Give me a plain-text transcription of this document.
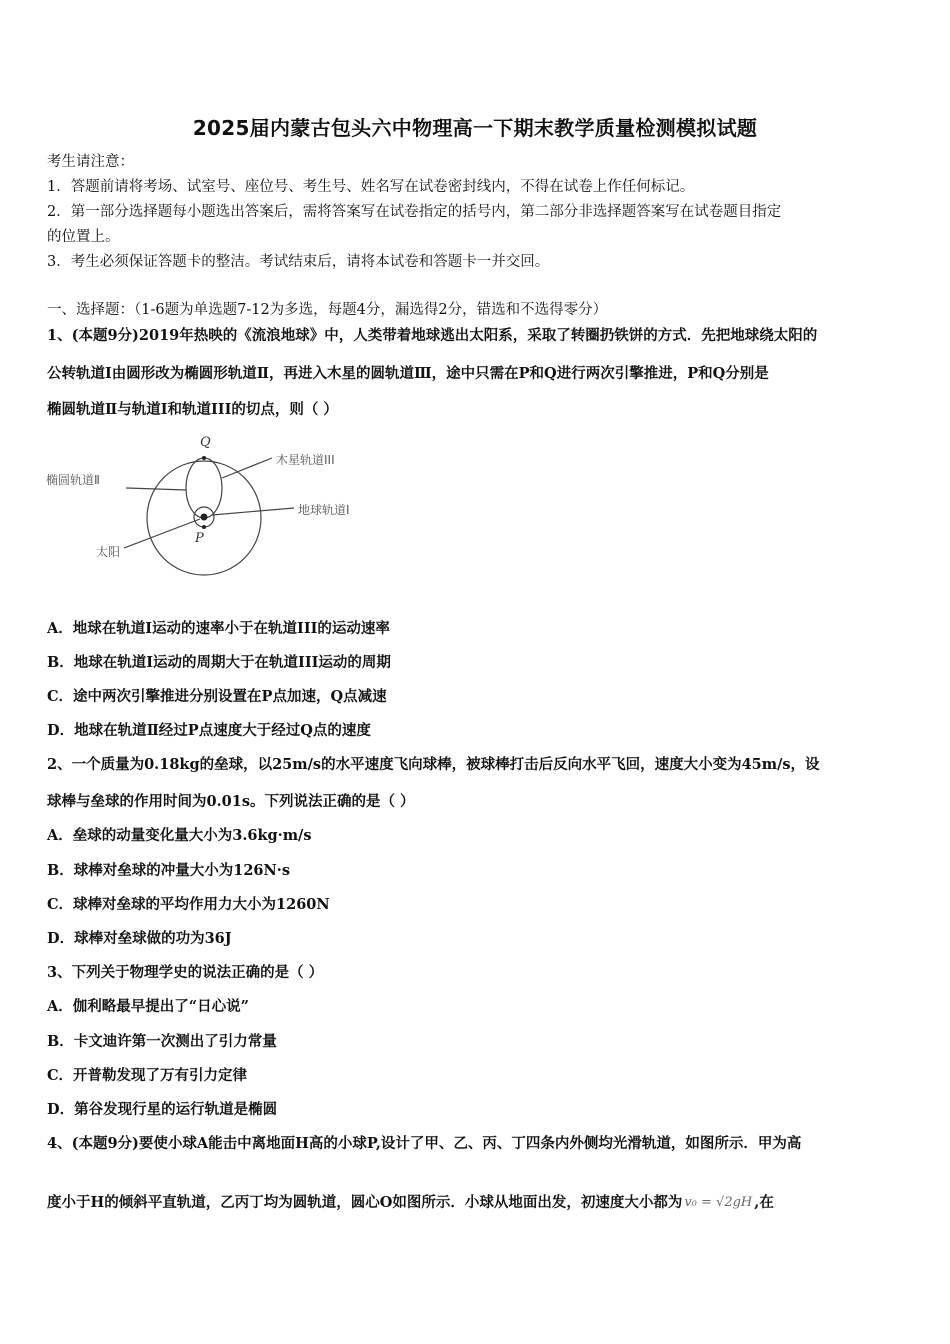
2025届内蒙古包头六中物理高一下期末教学质量检测模拟试题
考生请注意：
1．答题前请将考场、试室号、座位号、考生号、姓名写在试卷密封线内，不得在试卷上作任何标记。
2．第一部分选择题每小题选出答案后，需将答案写在试卷指定的括号内，第二部分非选择题答案写在试卷题目指定
的位置上。
3．考生必须保证答题卡的整洁。考试结束后，请将本试卷和答题卡一并交回。
一、选择题：（1-6题为单选题7-12为多选，每题4分，漏选得2分，错选和不选得零分）
1、(本题9分)2019年热映的《流浪地球》中，人类带着地球逃出太阳系，采取了转圈扔铁饼的方式．先把地球绕太阳的
公转轨道I由圆形改为椭圆形轨道Ⅱ，再进入木星的圆轨道Ⅲ，途中只需在P和Q进行两次引擎推进，P和Q分别是
椭圆轨道Ⅱ与轨道I和轨道III的切点，则（ ）
Q
P
木星轨道III
椭圆轨道Ⅱ
地球轨道Ⅰ
太阳
A．地球在轨道I运动的速率小于在轨道III的运动速率
B．地球在轨道I运动的周期大于在轨道III运动的周期
C．途中两次引擎推进分别设置在P点加速，Q点减速
D．地球在轨道Ⅱ经过P点速度大于经过Q点的速度
2、一个质量为0.18kg的垒球，以25m/s的水平速度飞向球棒，被球棒打击后反向水平飞回，速度大小变为45m/s，设
球棒与垒球的作用时间为0.01s。下列说法正确的是（ ）
A．垒球的动量变化量大小为3.6kg·m/s
B．球棒对垒球的冲量大小为126N·s
C．球棒对垒球的平均作用力大小为1260N
D．球棒对垒球做的功为36J
3、下列关于物理学史的说法正确的是（ ）
A．伽利略最早提出了“日心说”
B．卡文迪许第一次测出了引力常量
C．开普勒发现了万有引力定律
D．第谷发现行星的运行轨道是椭圆
4、(本题9分)要使小球A能击中离地面H高的小球P,设计了甲、乙、丙、丁四条内外侧均光滑轨道，如图所示．甲为高
度小于H的倾斜平直轨道，乙丙丁均为圆轨道，圆心O如图所示．小球从地面出发，初速度大小都为 v₀ = √2gH ,在
